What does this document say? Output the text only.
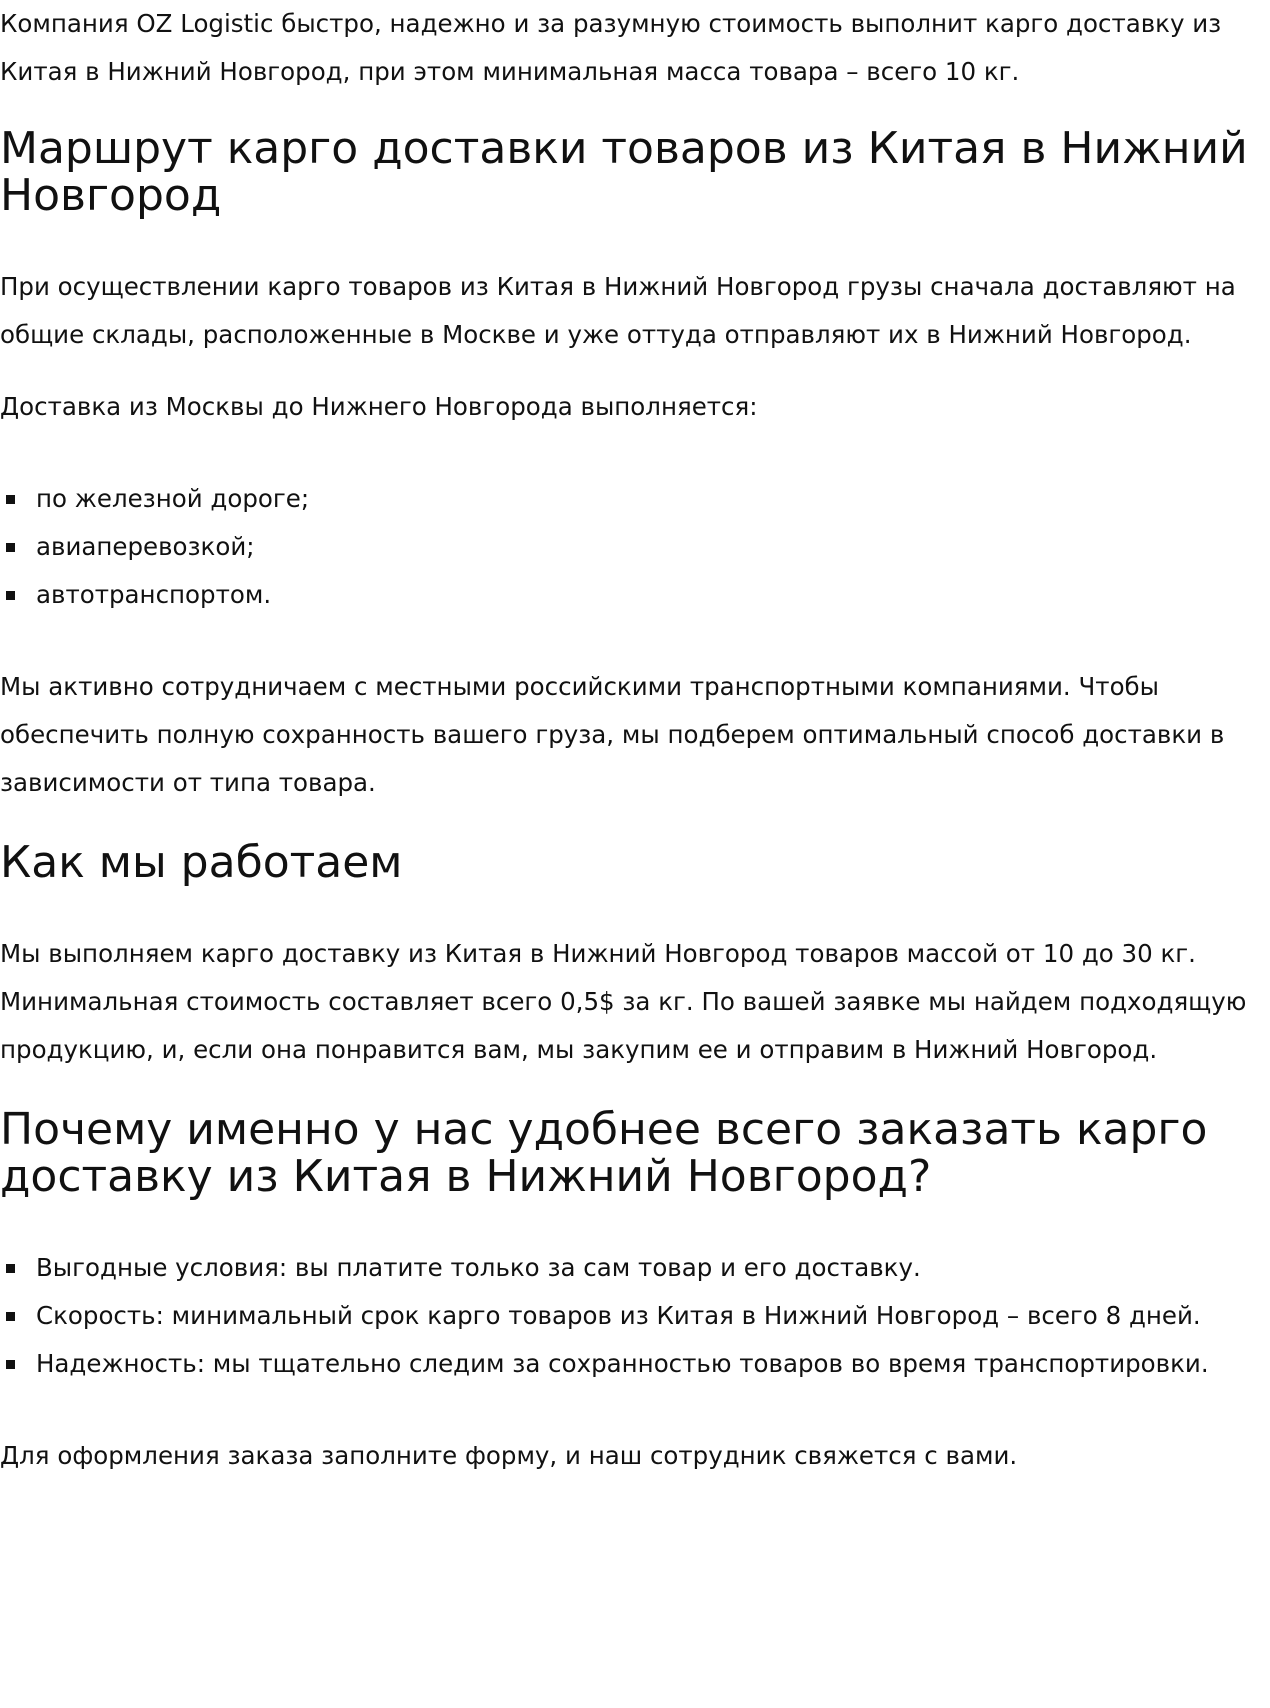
Компания OZ Logistic быстро, надежно и за разумную стоимость выполнит карго доставку из Китая в Нижний Новгород, при этом минимальная масса товара – всего 10 кг.

Маршрут карго доставки товаров из Китая в Нижний Новгород

При осуществлении карго товаров из Китая в Нижний Новгород грузы сначала доставляют на общие склады, расположенные в Москве и уже оттуда отправляют их в Нижний Новгород.

Доставка из Москвы до Нижнего Новгорода выполняется:

по железной дороге;
авиаперевозкой;
автотранспортом.

Мы активно сотрудничаем с местными российскими транспортными компаниями. Чтобы обеспечить полную сохранность вашего груза, мы подберем оптимальный способ доставки в зависимости от типа товара.

Как мы работаем

Мы выполняем карго доставку из Китая в Нижний Новгород товаров массой от 10 до 30 кг. Минимальная стоимость составляет всего 0,5$ за кг. По вашей заявке мы найдем подходящую продукцию, и, если она понравится вам, мы закупим ее и отправим в Нижний Новгород.

Почему именно у нас удобнее всего заказать карго доставку из Китая в Нижний Новгород?
Выгодные условия: вы платите только за сам товар и его доставку.
Скорость: минимальный срок карго товаров из Китая в Нижний Новгород – всего 8 дней.
Надежность: мы тщательно следим за сохранностью товаров во время транспортировки.

Для оформления заказа заполните форму, и наш сотрудник свяжется с вами.
